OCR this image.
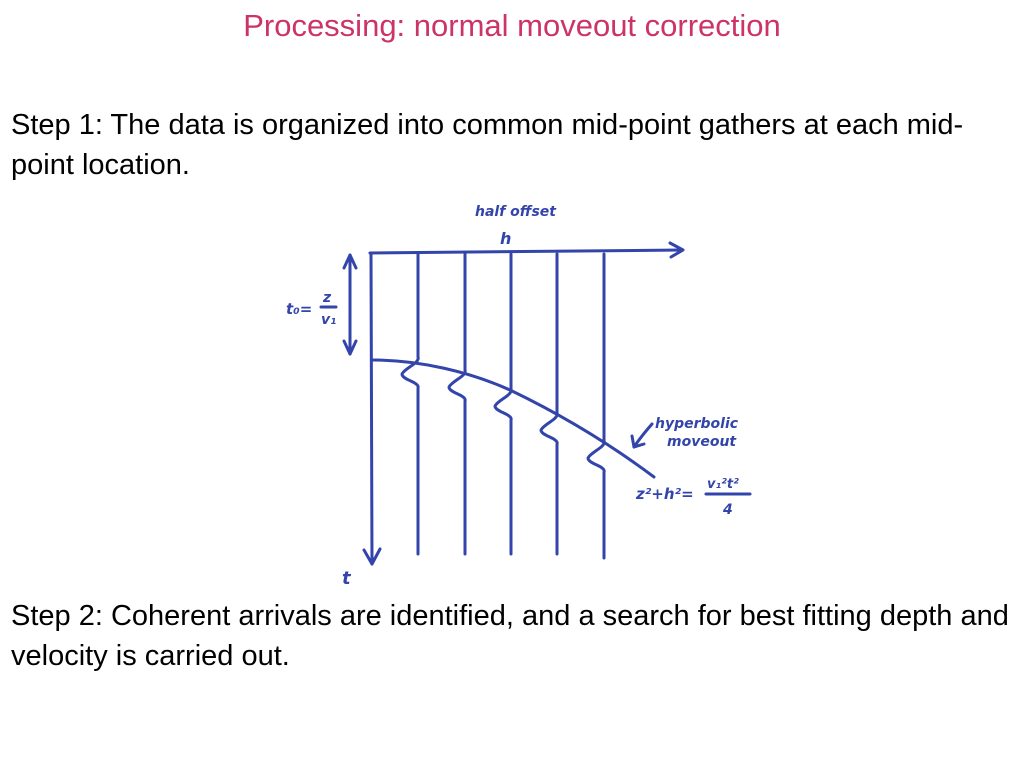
Processing: normal moveout correction

Step 1: The data is organized into common mid-point gathers at each mid-point location.

half offset
h
t
t₀=
z
v₁
hyperbolic
moveout
z²+h²=
v₁²t²
4

Step 2: Coherent arrivals are identified, and a search for best fitting depth and velocity is carried out.
